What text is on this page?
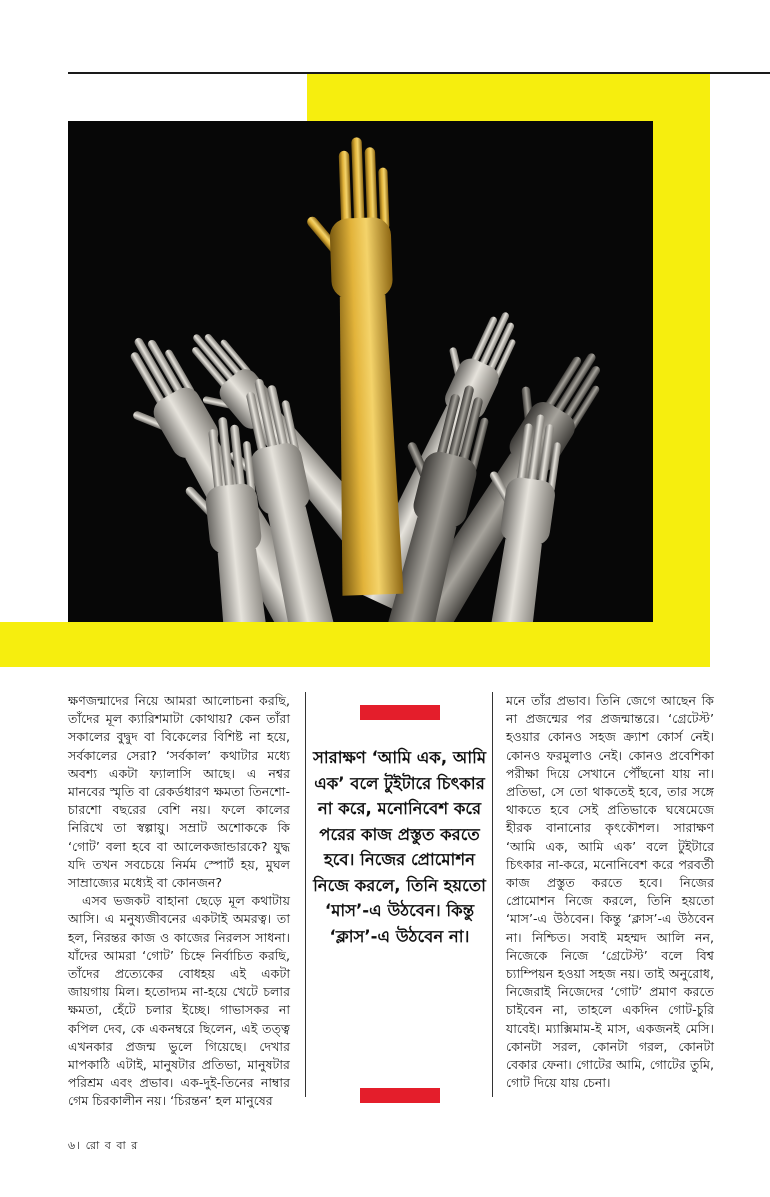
ক্ষণজন্মাদের নিয়ে আমরা আলোচনা করছি, তাঁদের মূল ক্যারিশমাটা কোথায়? কেন তাঁরা সকালের বুদ্বুদ বা বিকেলের বিশিষ্ট না হয়ে, সর্বকালের সেরা? ‘সর্বকাল’ কথাটার মধ্যে অবশ্য একটা ফ্যালাসি আছে। এ নশ্বর মানবের স্মৃতি বা রেকর্ডধারণ ক্ষমতা তিনশো-চারশো বছরের বেশি নয়। ফলে কালের নিরিখে তা স্বল্পায়ু। সম্রাট অশোককে কি ‘গোট’ বলা হবে বা আলেকজান্ডারকে? যুদ্ধ যদি তখন সবচেয়ে নির্মম স্পোর্ট হয়, মুঘল সাম্রাজ্যের মধ্যেই বা কোনজন?

এসব ভজকট বাহানা ছেড়ে মূল কথাটায় আসি। এ মনুষ্যজীবনের একটাই অমরত্ব। তা হল, নিরন্তর কাজ ও কাজের নিরলস সাধনা। যাঁদের আমরা ‘গোট’ চিহ্নে নির্বাচিত করছি, তাঁদের প্রত্যেকের বোধহয় এই একটা জায়গায় মিল। হতোদ্যম না-হয়ে খেটে চলার ক্ষমতা, হেঁটে চলার ইচ্ছে। গাভাসকর না কপিল দেব, কে একনম্বরে ছিলেন, এই তত্ত্ব এখনকার প্রজন্ম ভুলে গিয়েছে। দেখার মাপকাঠি এটাই, মানুষটার প্রতিভা, মানুষটার পরিশ্রম এবং প্রভাব। এক-দুই-তিনের নাম্বার গেম চিরকালীন নয়। ‘চিরন্তন’ হল মানুষের

সারাক্ষণ ‘আমি এক, আমি এক’ বলে টুইটারে চিৎকার না করে, মনোনিবেশ করে পরের কাজ প্রস্তুত করতে হবে। নিজের প্রোমোশন নিজে করলে, তিনি হয়তো ‘মাস’-এ উঠবেন। কিন্তু ‘ক্লাস’-এ উঠবেন না।

মনে তাঁর প্রভাব। তিনি জেগে আছেন কি না প্রজন্মের পর প্রজন্মান্তরে। ‘গ্রেটেস্ট’ হওয়ার কোনও সহজ ক্র্যাশ কোর্স নেই। কোনও ফরমুলাও নেই। কোনও প্রবেশিকা পরীক্ষা দিয়ে সেখানে পৌঁছনো যায় না। প্রতিভা, সে তো থাকতেই হবে, তার সঙ্গে থাকতে হবে সেই প্রতিভাকে ঘষেমেজে হীরক বানানোর কৃৎকৌশল। সারাক্ষণ ‘আমি এক, আমি এক’ বলে টুইটারে চিৎকার না-করে, মনোনিবেশ করে পরবর্তী কাজ প্রস্তুত করতে হবে। নিজের প্রোমোশন নিজে করলে, তিনি হয়তো ‘মাস’-এ উঠবেন। কিন্তু ‘ক্লাস’-এ উঠবেন না। নিশ্চিত। সবাই মহম্মদ আলি নন, নিজেকে নিজে ‘গ্রেটেস্ট’ বলে বিশ্ব চ্যাম্পিয়ন হওয়া সহজ নয়। তাই অনুরোধ, নিজেরাই নিজেদের ‘গোট’ প্রমাণ করতে চাইবেন না, তাহলে একদিন গোট-চুরি যাবেই। ম্যাক্সিমাম-ই মাস, একজনই মেসি। কোনটা সরল, কোনটা গরল, কোনটা বেকার ফেনা। গোটের আমি, গোটের তুমি, গোট দিয়ে যায় চেনা।

৬। রো ব বা র
